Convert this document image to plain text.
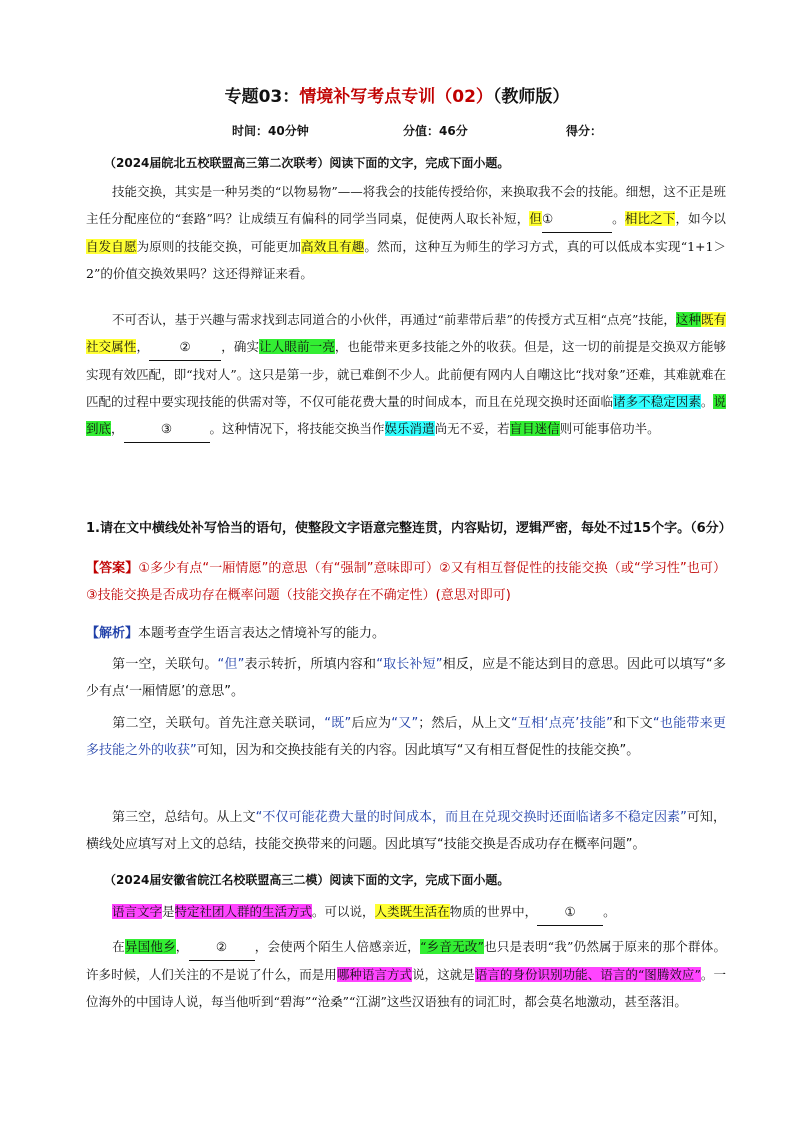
专题03：情境补写考点专训（02）（教师版）
时间：40分钟	分值：46分	得分：
（2024届皖北五校联盟高三第二次联考）阅读下面的文字，完成下面小题。
技能交换，其实是一种另类的“以物易物”——将我会的技能传授给你，来换取我不会的技能。细想，这不正是班主任分配座位的“套路”吗？让成绩互有偏科的同学当同桌，促使两人取长补短，但①	。相比之下，如今以自发自愿为原则的技能交换，可能更加高效且有趣。然而，这种互为师生的学习方式，真的可以低成本实现“1+1＞2”的价值交换效果吗？这还得辩证来看。
不可否认，基于兴趣与需求找到志同道合的小伙伴，再通过“前辈带后辈”的传授方式互相“点亮”技能，这种既有社交属性， ② ，确实让人眼前一亮，也能带来更多技能之外的收获。但是，这一切的前提是交换双方能够实现有效匹配，即“找对人”。这只是第一步，就已难倒不少人。此前便有网内人自嘲这比“找对象”还难，其难就难在匹配的过程中要实现技能的供需对等，不仅可能花费大量的时间成本，而且在兑现交换时还面临诸多不稳定因素。说到底，	③	。这种情况下，将技能交换当作娱乐消遣尚无不妥，若盲目迷信则可能事倍功半。
1.请在文中横线处补写恰当的语句，使整段文字语意完整连贯，内容贴切，逻辑严密，每处不过15个字。（6分）
【答案】①多少有点“一厢情愿”的意思（有“强制”意味即可）②又有相互督促性的技能交换（或“学习性”也可）③技能交换是否成功存在概率问题（技能交换存在不确定性）(意思对即可)
【解析】本题考查学生语言表达之情境补写的能力。
第一空，关联句。“但”表示转折，所填内容和“取长补短”相反，应是不能达到目的意思。因此可以填写“多少有点‘一厢情愿’的意思”。
第二空，关联句。首先注意关联词，“既”后应为“又”；然后，从上文“互相‘点亮’技能”和下文“也能带来更多技能之外的收获”可知，因为和交换技能有关的内容。因此填写“又有相互督促性的技能交换”。
第三空，总结句。从上文“不仅可能花费大量的时间成本，而且在兑现交换时还面临诸多不稳定因素”可知，横线处应填写对上文的总结，技能交换带来的问题。因此填写“技能交换是否成功存在概率问题”。
（2024届安徽省皖江名校联盟高三二模）阅读下面的文字，完成下面小题。
语言文字是特定社团人群的生活方式。可以说，人类既生活在物质的世界中， ① 。
在异国他乡， ② ，会使两个陌生人倍感亲近，“乡音无改”也只是表明“我”仍然属于原来的那个群体。许多时候，人们关注的不是说了什么，而是用哪种语言方式说，这就是语言的身份识别功能、语言的“图腾效应”。一位海外的中国诗人说，每当他听到“碧海”“沧桑”“江湖”这些汉语独有的词汇时，都会莫名地激动，甚至落泪。
